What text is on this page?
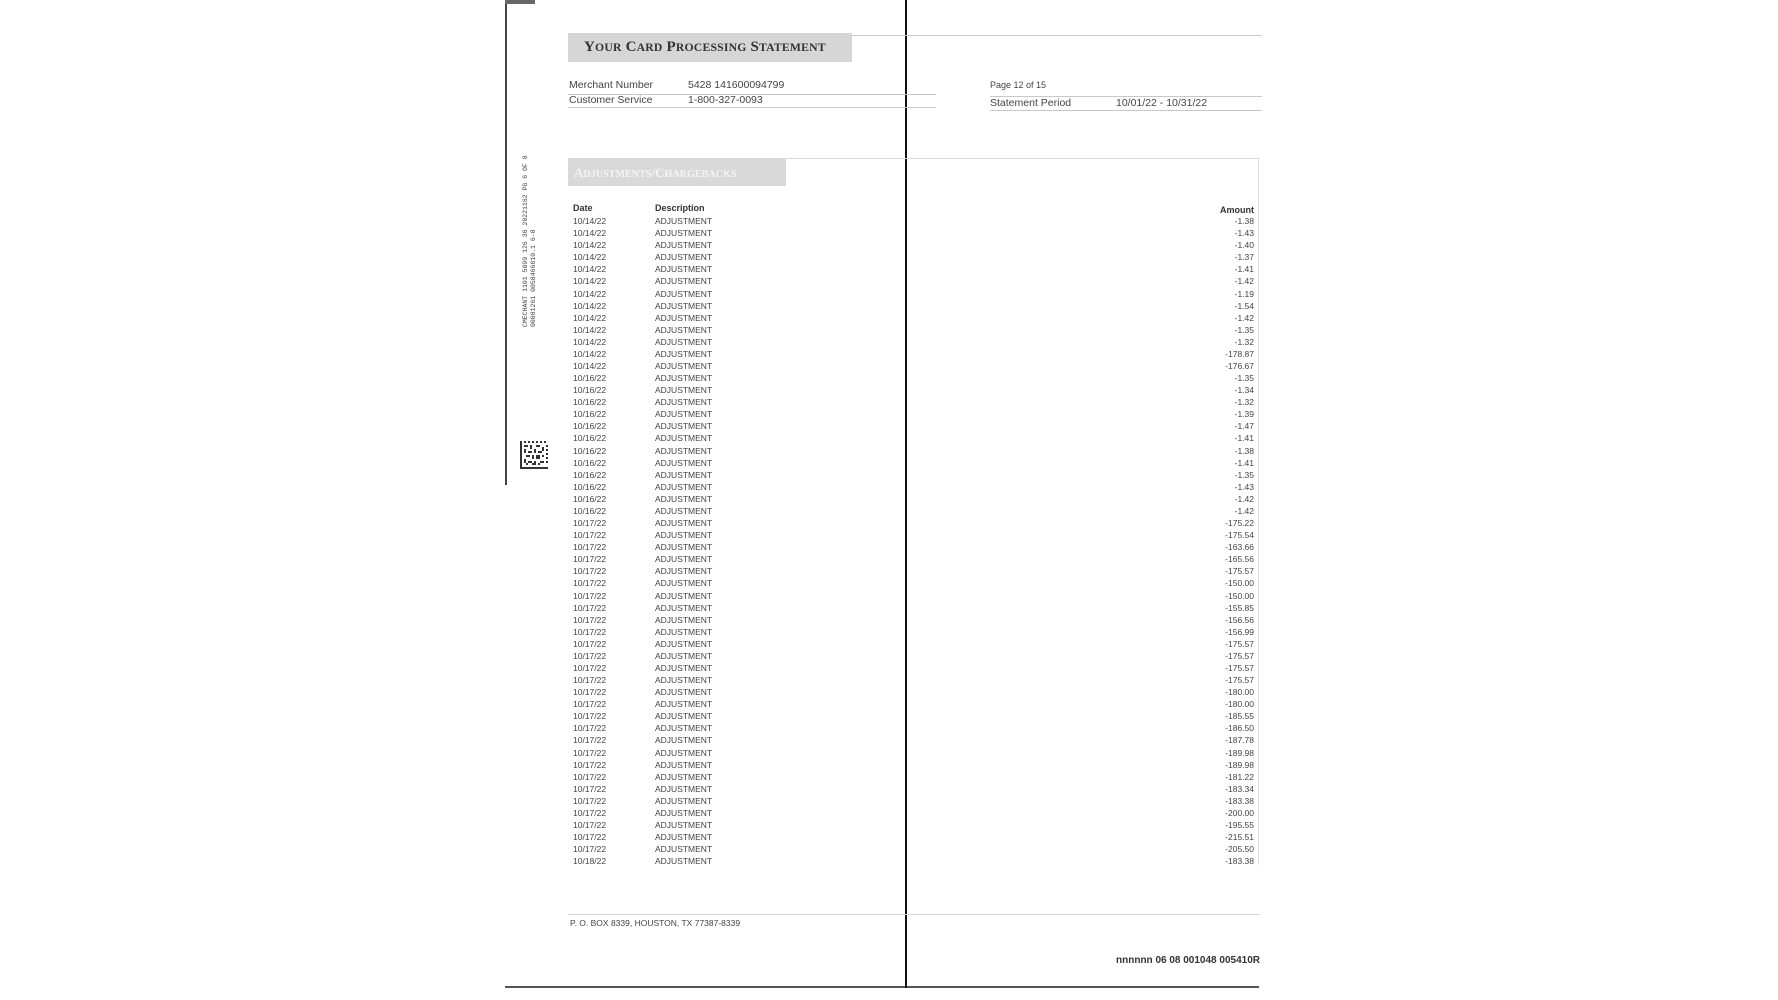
YOUR CARD PROCESSING STATEMENT
Merchant Number	5428 141600094799
Customer Service	1-800-327-0093
Page 12 of 15
Statement Period	10/01/22 - 10/31/22
ADJUSTMENTS/CHARGEBACKS
Date	Description	Amount
10/14/22	ADJUSTMENT	-1.38
10/14/22	ADJUSTMENT	-1.43
10/14/22	ADJUSTMENT	-1.40
10/14/22	ADJUSTMENT	-1.37
10/14/22	ADJUSTMENT	-1.41
10/14/22	ADJUSTMENT	-1.42
10/14/22	ADJUSTMENT	-1.19
10/14/22	ADJUSTMENT	-1.54
10/14/22	ADJUSTMENT	-1.42
10/14/22	ADJUSTMENT	-1.35
10/14/22	ADJUSTMENT	-1.32
10/14/22	ADJUSTMENT	-178.87
10/14/22	ADJUSTMENT	-176.67
10/16/22	ADJUSTMENT	-1.35
10/16/22	ADJUSTMENT	-1.34
10/16/22	ADJUSTMENT	-1.32
10/16/22	ADJUSTMENT	-1.39
10/16/22	ADJUSTMENT	-1.47
10/16/22	ADJUSTMENT	-1.41
10/16/22	ADJUSTMENT	-1.38
10/16/22	ADJUSTMENT	-1.41
10/16/22	ADJUSTMENT	-1.35
10/16/22	ADJUSTMENT	-1.43
10/16/22	ADJUSTMENT	-1.42
10/16/22	ADJUSTMENT	-1.42
10/17/22	ADJUSTMENT	-175.22
10/17/22	ADJUSTMENT	-175.54
10/17/22	ADJUSTMENT	-163.66
10/17/22	ADJUSTMENT	-165.56
10/17/22	ADJUSTMENT	-175.57
10/17/22	ADJUSTMENT	-150.00
10/17/22	ADJUSTMENT	-150.00
10/17/22	ADJUSTMENT	-155.85
10/17/22	ADJUSTMENT	-156.56
10/17/22	ADJUSTMENT	-156.99
10/17/22	ADJUSTMENT	-175.57
10/17/22	ADJUSTMENT	-175.57
10/17/22	ADJUSTMENT	-175.57
10/17/22	ADJUSTMENT	-175.57
10/17/22	ADJUSTMENT	-180.00
10/17/22	ADJUSTMENT	-180.00
10/17/22	ADJUSTMENT	-185.55
10/17/22	ADJUSTMENT	-186.50
10/17/22	ADJUSTMENT	-187.78
10/17/22	ADJUSTMENT	-189.98
10/17/22	ADJUSTMENT	-189.98
10/17/22	ADJUSTMENT	-181.22
10/17/22	ADJUSTMENT	-183.34
10/17/22	ADJUSTMENT	-183.38
10/17/22	ADJUSTMENT	-200.00
10/17/22	ADJUSTMENT	-195.55
10/17/22	ADJUSTMENT	-215.51
10/17/22	ADJUSTMENT	-205.50
10/18/22	ADJUSTMENT	-183.38
CMECHANT 1101 5099 126 36 20221162 PG 6 OF 8 00081261 0058466810.1 6-8
P. O. BOX 8339, HOUSTON, TX 77387-8339
nnnnnn 06 08 001048 005410R
